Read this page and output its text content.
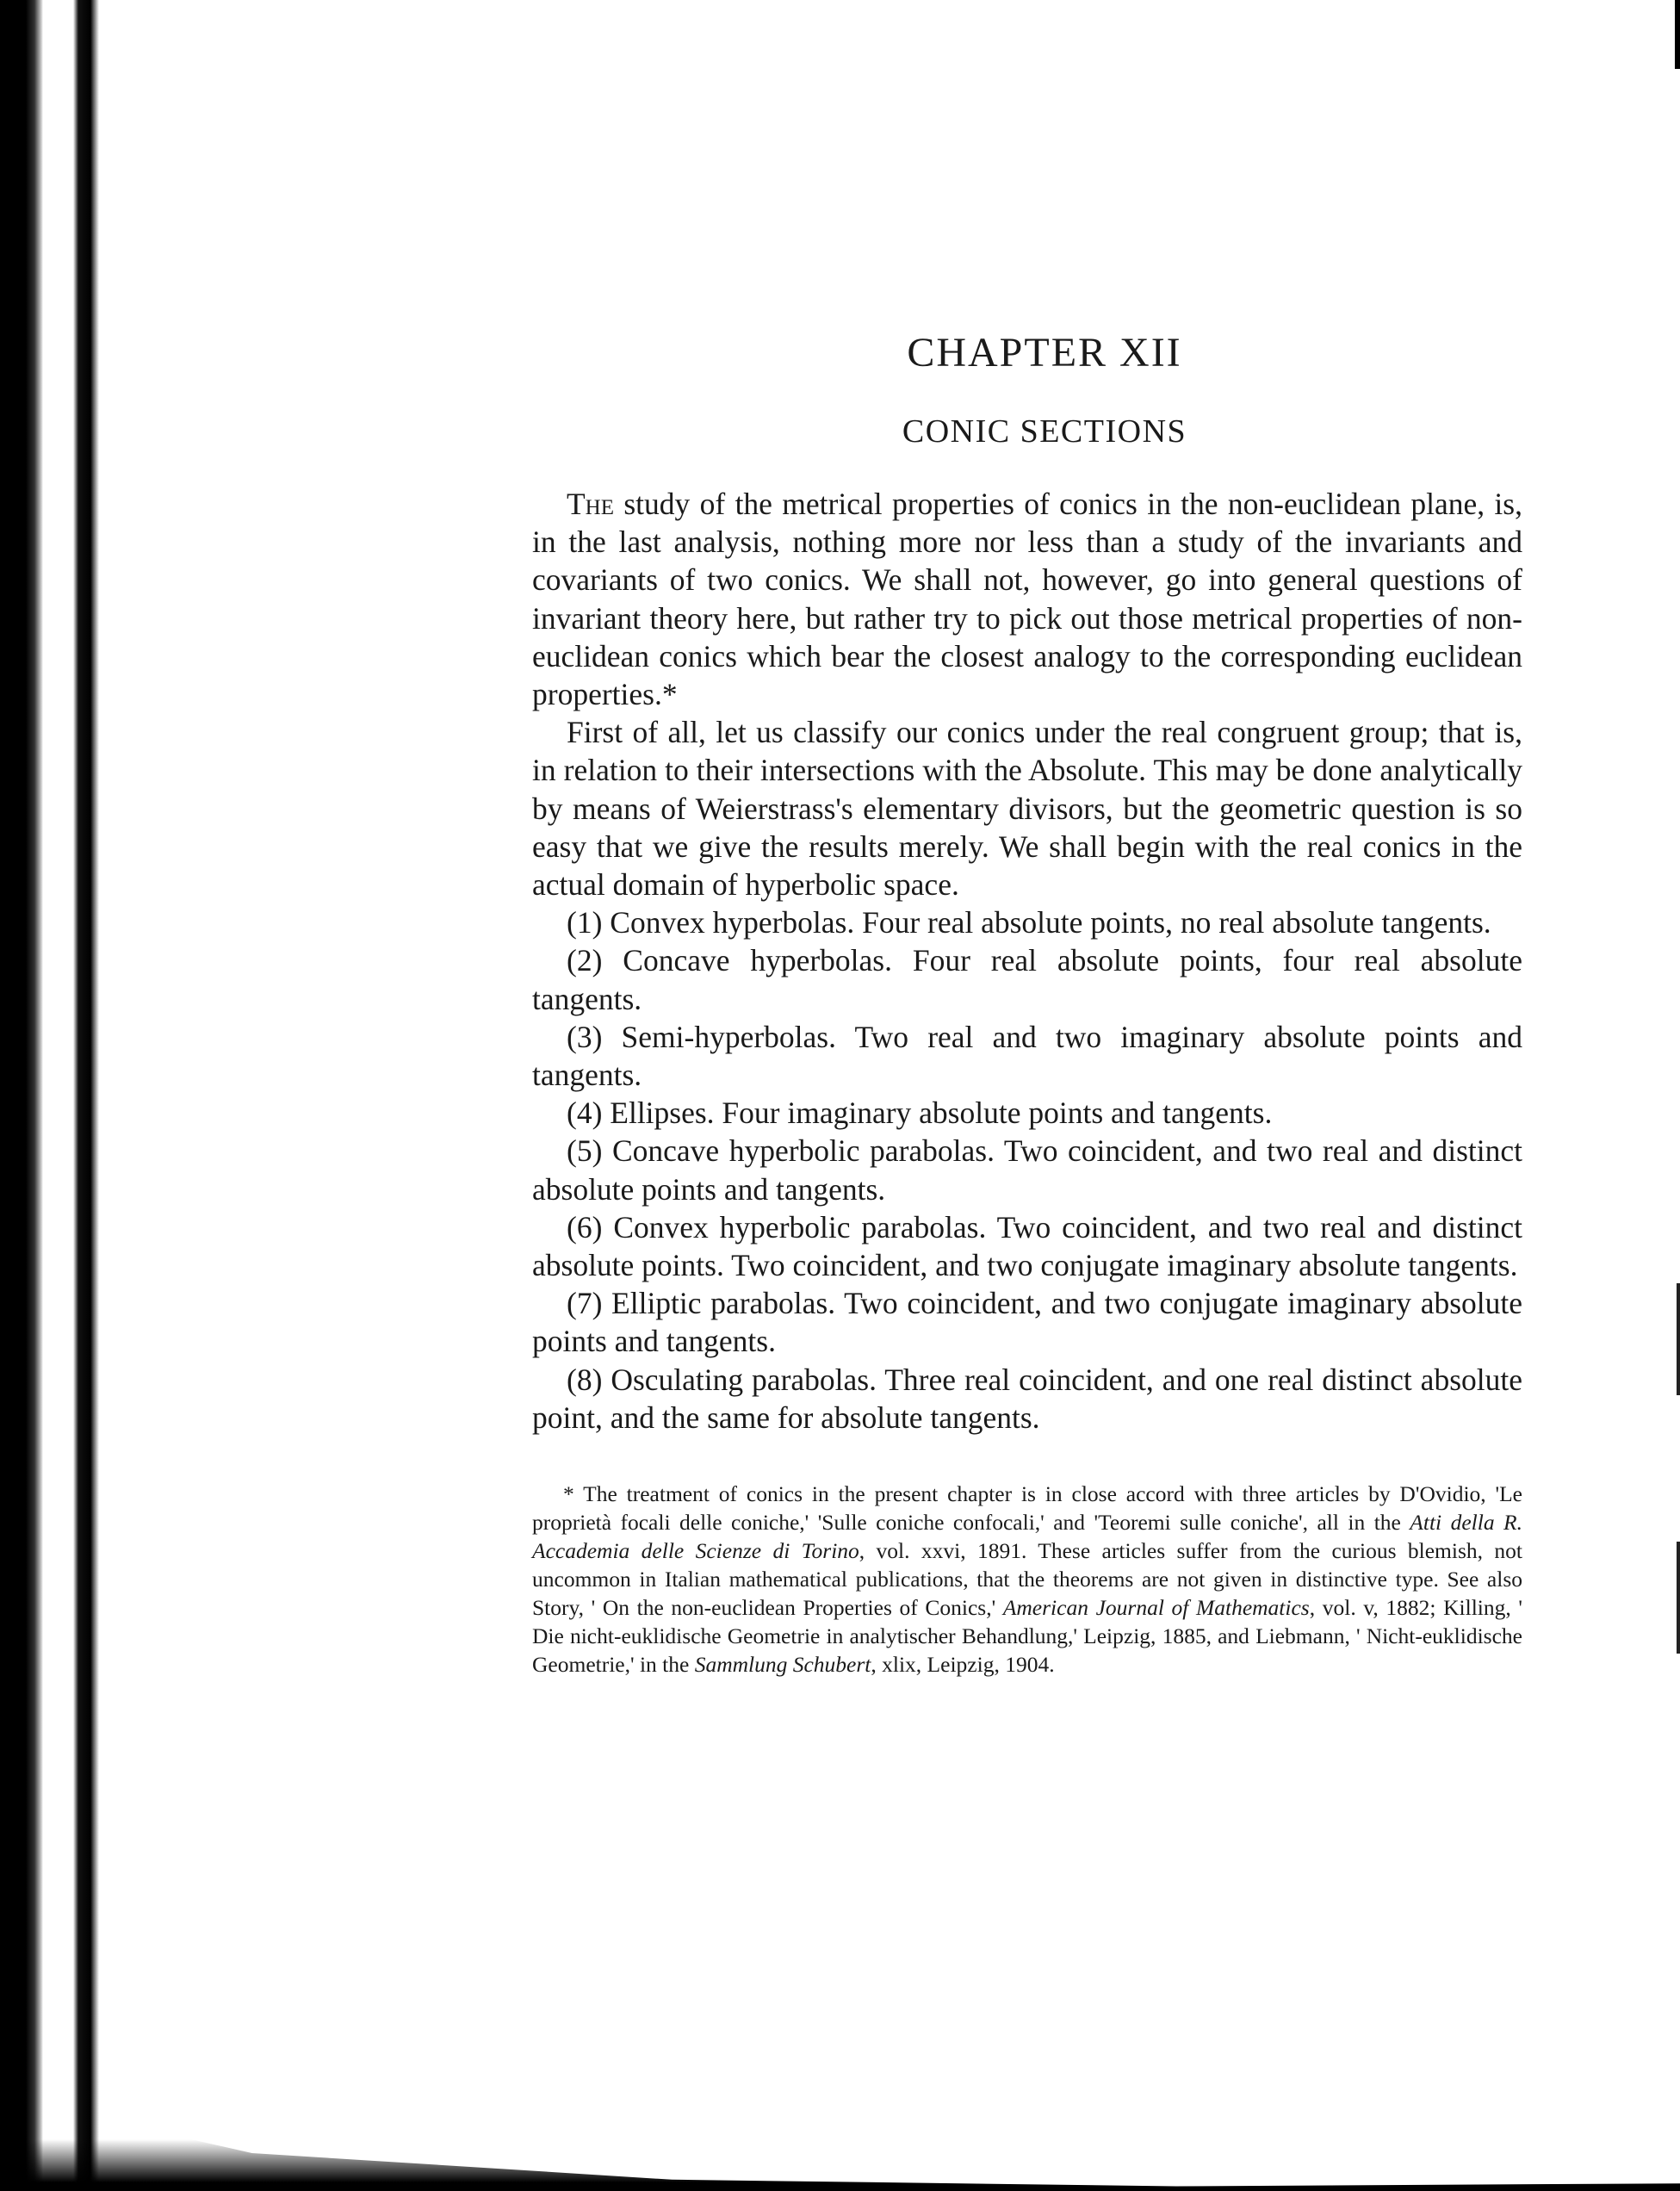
CHAPTER XII
CONIC SECTIONS

The study of the metrical properties of conics in the non-euclidean plane, is, in the last analysis, nothing more nor less than a study of the invariants and covariants of two conics. We shall not, however, go into general questions of invariant theory here, but rather try to pick out those metrical properties of non-euclidean conics which bear the closest analogy to the corresponding euclidean properties.*

First of all, let us classify our conics under the real congruent group; that is, in relation to their intersections with the Absolute. This may be done analytically by means of Weierstrass's elementary divisors, but the geometric question is so easy that we give the results merely. We shall begin with the real conics in the actual domain of hyperbolic space.

(1) Convex hyperbolas. Four real absolute points, no real absolute tangents.

(2) Concave hyperbolas. Four real absolute points, four real absolute tangents.

(3) Semi-hyperbolas. Two real and two imaginary absolute points and tangents.

(4) Ellipses. Four imaginary absolute points and tangents.

(5) Concave hyperbolic parabolas. Two coincident, and two real and distinct absolute points and tangents.

(6) Convex hyperbolic parabolas. Two coincident, and two real and distinct absolute points. Two coincident, and two conjugate imaginary absolute tangents.

(7) Elliptic parabolas. Two coincident, and two conjugate imaginary absolute points and tangents.

(8) Osculating parabolas. Three real coincident, and one real distinct absolute point, and the same for absolute tangents.

* The treatment of conics in the present chapter is in close accord with three articles by D'Ovidio, 'Le proprietà focali delle coniche,' 'Sulle coniche confocali,' and 'Teoremi sulle coniche', all in the Atti della R. Accademia delle Scienze di Torino, vol. xxvi, 1891. These articles suffer from the curious blemish, not uncommon in Italian mathematical publications, that the theorems are not given in distinctive type. See also Story, ' On the non-euclidean Properties of Conics,' American Journal of Mathematics, vol. v, 1882; Killing, ' Die nicht-euklidische Geometrie in analytischer Behandlung,' Leipzig, 1885, and Liebmann, ' Nicht-euklidische Geometrie,' in the Sammlung Schubert, xlix, Leipzig, 1904.
